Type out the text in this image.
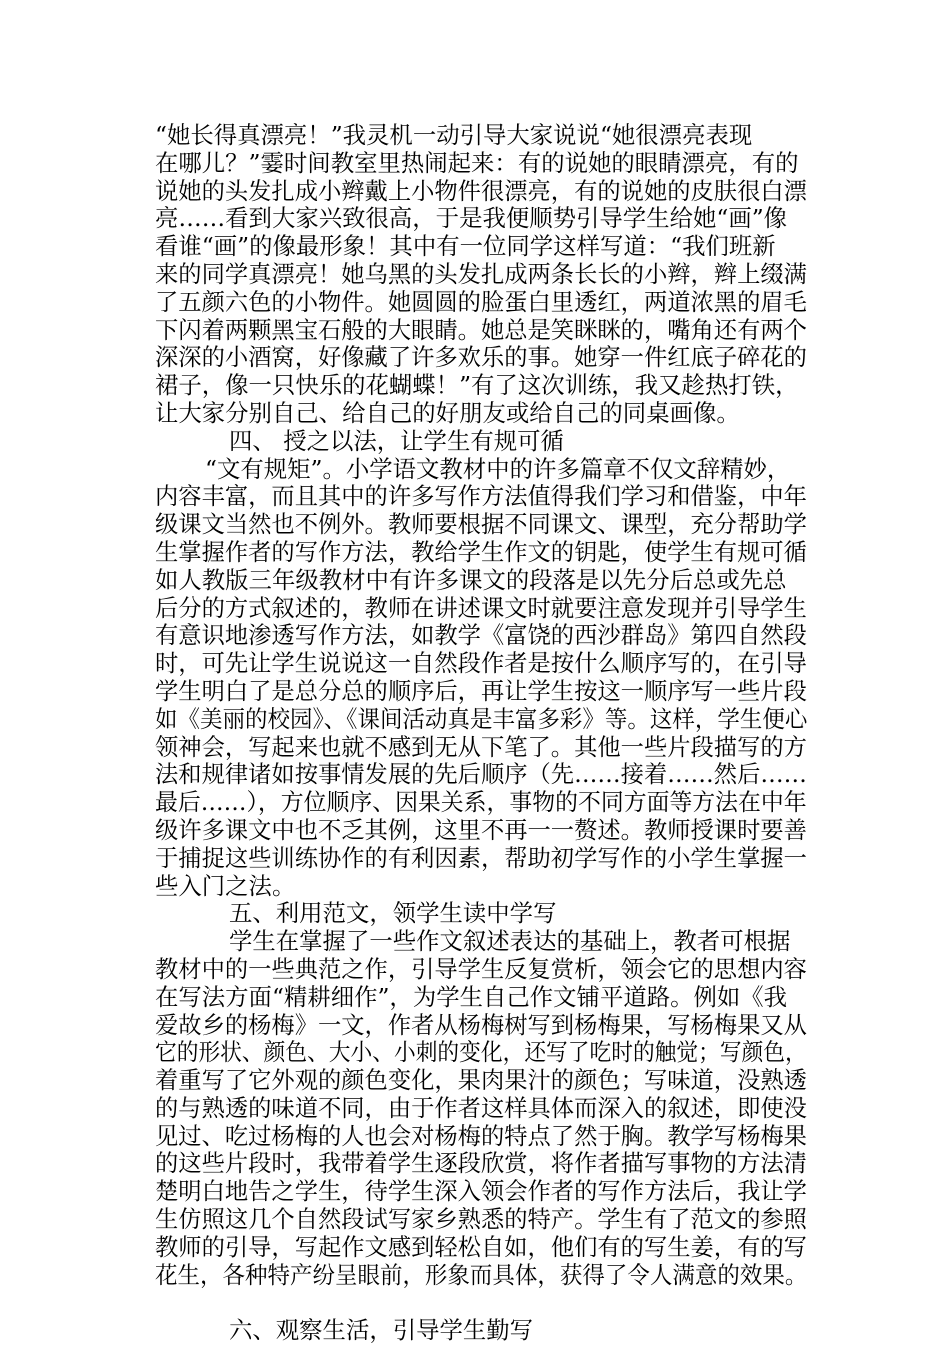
“她长得真漂亮！”我灵机一动引导大家说说“她很漂亮表现
在哪儿？”霎时间教室里热闹起来：有的说她的眼睛漂亮，有的
说她的头发扎成小辫戴上小物件很漂亮，有的说她的皮肤很白漂
亮……看到大家兴致很高，于是我便顺势引导学生给她“画”像
看谁“画”的像最形象！其中有一位同学这样写道：“我们班新
来的同学真漂亮！她乌黑的头发扎成两条长长的小辫，辫上缀满
了五颜六色的小物件。她圆圆的脸蛋白里透红，两道浓黑的眉毛
下闪着两颗黑宝石般的大眼睛。她总是笑眯眯的，嘴角还有两个
深深的小酒窝，好像藏了许多欢乐的事。她穿一件红底子碎花的
裙子，像一只快乐的花蝴蝶！”有了这次训练，我又趁热打铁，
让大家分别自己、给自己的好朋友或给自己的同桌画像。
四、 授之以法，让学生有规可循
“文有规矩”。小学语文教材中的许多篇章不仅文辞精妙，
内容丰富，而且其中的许多写作方法值得我们学习和借鉴，中年
级课文当然也不例外。教师要根据不同课文、课型，充分帮助学
生掌握作者的写作方法，教给学生作文的钥匙，使学生有规可循
如人教版三年级教材中有许多课文的段落是以先分后总或先总
后分的方式叙述的，教师在讲述课文时就要注意发现并引导学生
有意识地渗透写作方法，如教学《富饶的西沙群岛》第四自然段
时，可先让学生说说这一自然段作者是按什么顺序写的，在引导
学生明白了是总分总的顺序后，再让学生按这一顺序写一些片段
如《美丽的校园》、《课间活动真是丰富多彩》等。这样，学生便心
领神会，写起来也就不感到无从下笔了。其他一些片段描写的方
法和规律诸如按事情发展的先后顺序（先……接着……然后……
最后……），方位顺序、因果关系，事物的不同方面等方法在中年
级许多课文中也不乏其例，这里不再一一赘述。教师授课时要善
于捕捉这些训练协作的有利因素，帮助初学写作的小学生掌握一
些入门之法。
五、利用范文，领学生读中学写
学生在掌握了一些作文叙述表达的基础上，教者可根据
教材中的一些典范之作，引导学生反复赏析，领会它的思想内容
在写法方面“精耕细作”，为学生自己作文铺平道路。例如《我
爱故乡的杨梅》一文，作者从杨梅树写到杨梅果，写杨梅果又从
它的形状、颜色、大小、小刺的变化，还写了吃时的触觉；写颜色，
着重写了它外观的颜色变化，果肉果汁的颜色；写味道，没熟透
的与熟透的味道不同，由于作者这样具体而深入的叙述，即使没
见过、吃过杨梅的人也会对杨梅的特点了然于胸。教学写杨梅果
的这些片段时，我带着学生逐段欣赏，将作者描写事物的方法清
楚明白地告之学生，待学生深入领会作者的写作方法后，我让学
生仿照这几个自然段试写家乡熟悉的特产。学生有了范文的参照
教师的引导，写起作文感到轻松自如，他们有的写生姜，有的写
花生，各种特产纷呈眼前，形象而具体，获得了令人满意的效果。
六、观察生活，引导学生勤写
